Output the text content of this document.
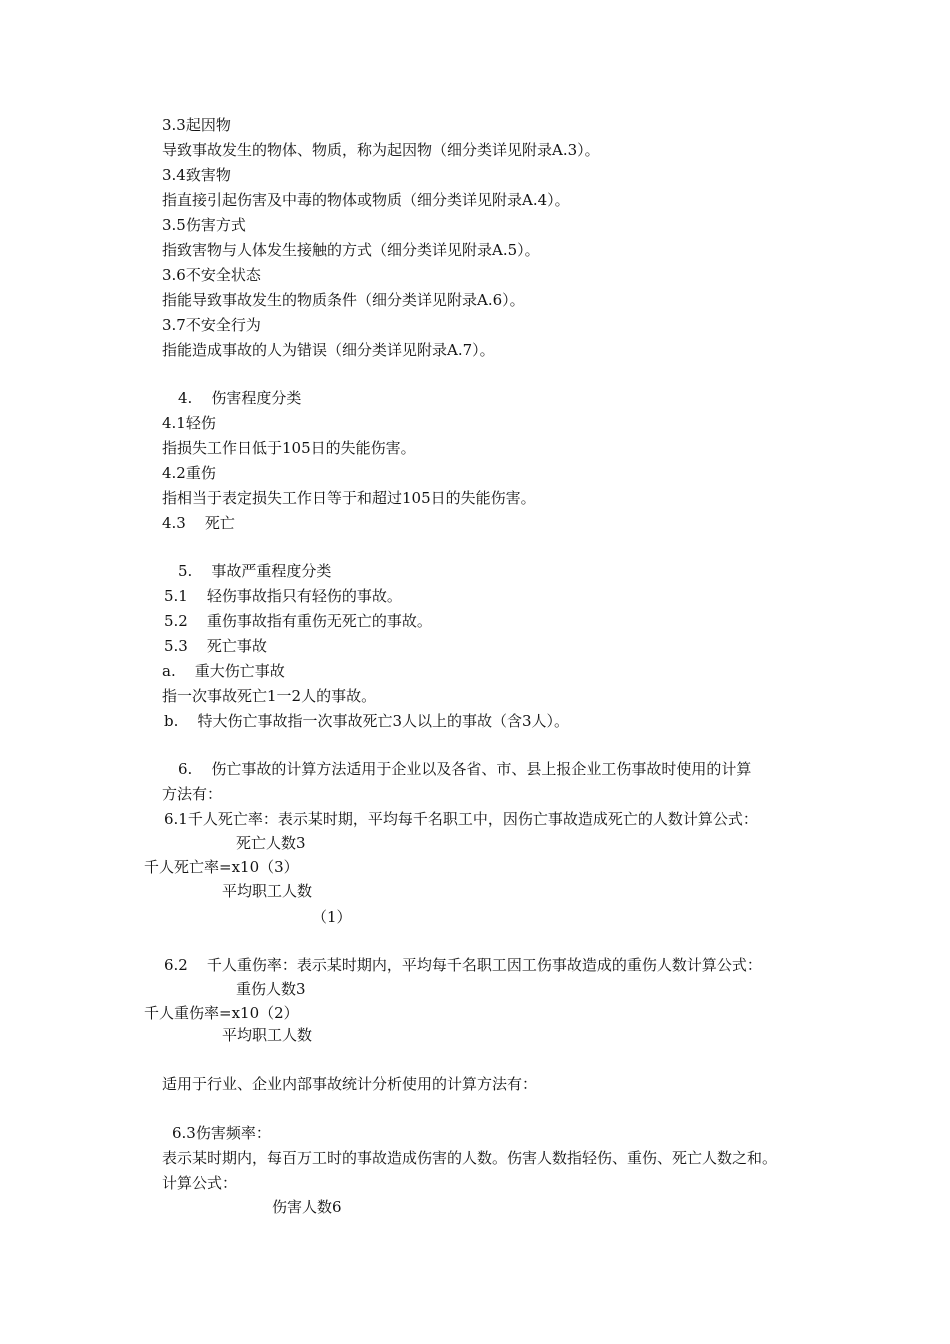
3.3起因物
导致事故发生的物体、物质，称为起因物（细分类详见附录A.3）。
3.4致害物
指直接引起伤害及中毒的物体或物质（细分类详见附录A.4）。
3.5伤害方式
指致害物与人体发生接触的方式（细分类详见附录A.5）。
3.6不安全状态
指能导致事故发生的物质条件（细分类详见附录A.6）。
3.7不安全行为
指能造成事故的人为错误（细分类详见附录A.7）。
4.    伤害程度分类
4.1轻伤
指损失工作日低于105日的失能伤害。
4.2重伤
指相当于表定损失工作日等于和超过105日的失能伤害。
4.3    死亡
5.    事故严重程度分类
5.1    轻伤事故指只有轻伤的事故。
5.2    重伤事故指有重伤无死亡的事故。
5.3    死亡事故
a.    重大伤亡事故
指一次事故死亡1一2人的事故。
b.    特大伤亡事故指一次事故死亡3人以上的事故（含3人）。
6.    伤亡事故的计算方法适用于企业以及各省、市、县上报企业工伤事故时使用的计算
方法有：
6.1千人死亡率：表示某时期，平均每千名职工中，因伤亡事故造成死亡的人数计算公式：
死亡人数3
千人死亡率=x10（3）
平均职工人数
（1）
6.2    千人重伤率：表示某时期内，平均每千名职工因工伤事故造成的重伤人数计算公式：
重伤人数3
千人重伤率=x10（2）
平均职工人数
适用于行业、企业内部事故统计分析使用的计算方法有：
6.3伤害频率：
表示某时期内，每百万工时的事故造成伤害的人数。伤害人数指轻伤、重伤、死亡人数之和。
计算公式：
伤害人数6
